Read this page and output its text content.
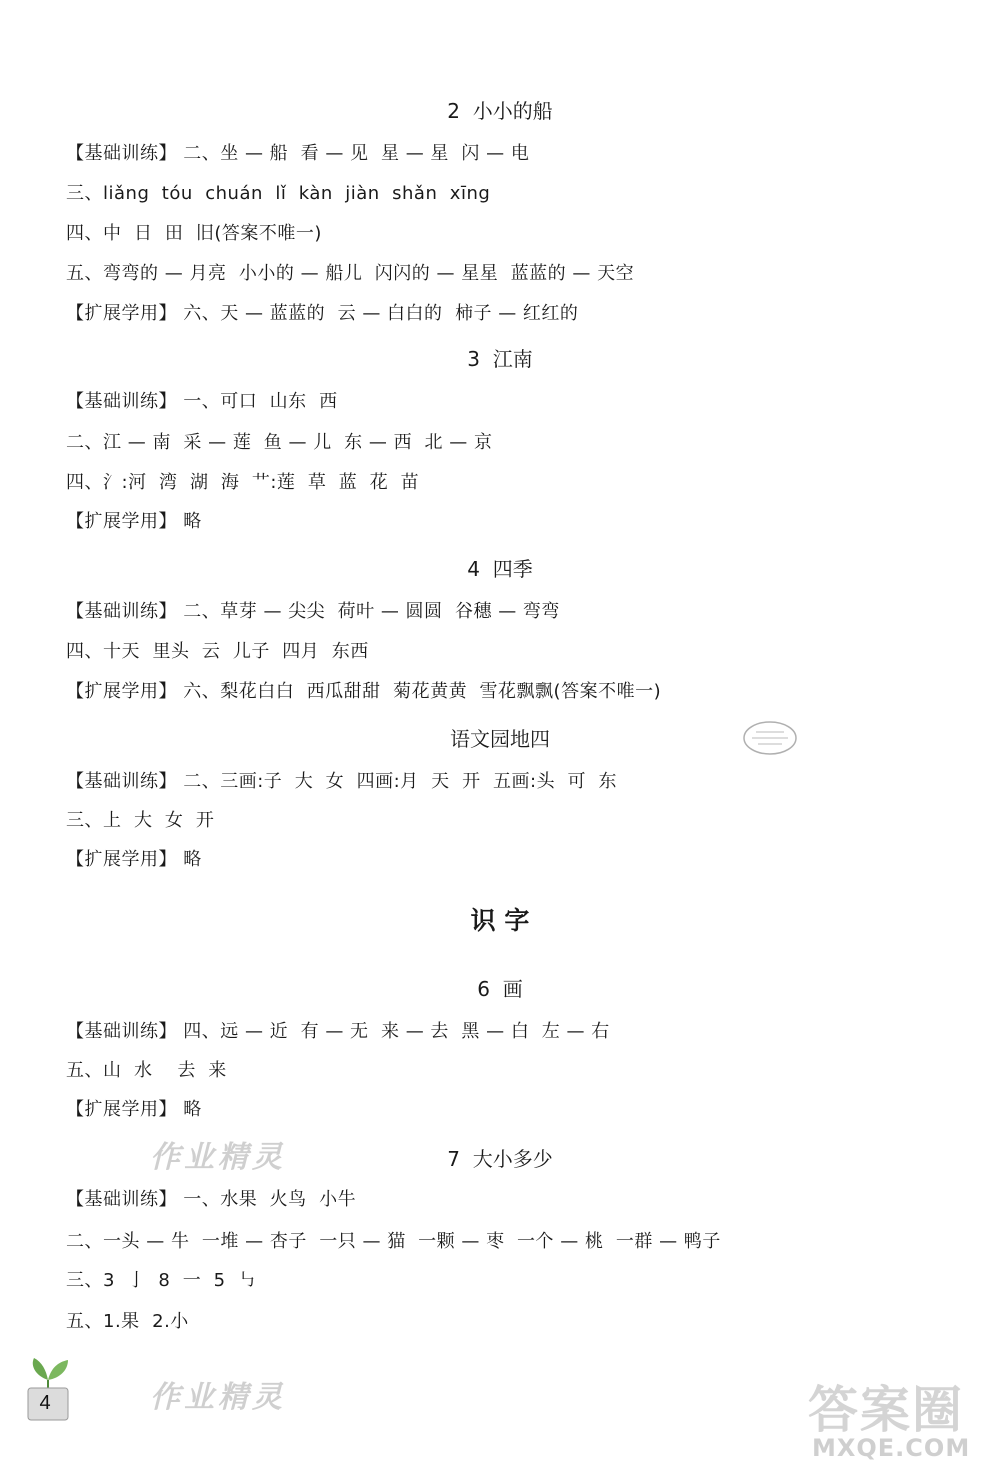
2  小小的船
【基础训练】 二、坐 — 船  看 — 见  星 — 星  闪 — 电
三、liǎng  tóu  chuán  lǐ  kàn  jiàn  shǎn  xīng
四、中  日  田  旧(答案不唯一)
五、弯弯的 — 月亮  小小的 — 船儿  闪闪的 — 星星  蓝蓝的 — 天空
【扩展学用】 六、天 — 蓝蓝的  云 — 白白的  柿子 — 红红的
3  江南
【基础训练】 一、可口  山东  西
二、江 — 南  采 — 莲  鱼 — 儿  东 — 西  北 — 京
四、氵:河  湾  湖  海  艹:莲  草  蓝  花  苗
【扩展学用】 略
4  四季
【基础训练】 二、草芽 — 尖尖  荷叶 — 圆圆  谷穗 — 弯弯
四、十天  里头  云  儿子  四月  东西
【扩展学用】 六、梨花白白  西瓜甜甜  菊花黄黄  雪花飘飘(答案不唯一)
语文园地四
【基础训练】 二、三画:子  大  女  四画:月  天  开  五画:头  可  东
三、上  大  女  开
【扩展学用】 略
识 字
6  画
【基础训练】 四、远 — 近  有 — 无  来 — 去  黑 — 白  左 — 右
五、山  水    去  来
【扩展学用】 略
作业精灵	7  大小多少
【基础训练】 一、水果  火鸟  小牛
二、一头 — 牛  一堆 — 杏子  一只 — 猫  一颗 — 枣  一个 — 桃  一群 — 鸭子
三、3  亅  8  一  5  ㇉
五、1.果  2.小
4	作业精灵	答案圈
MXQE.COM
